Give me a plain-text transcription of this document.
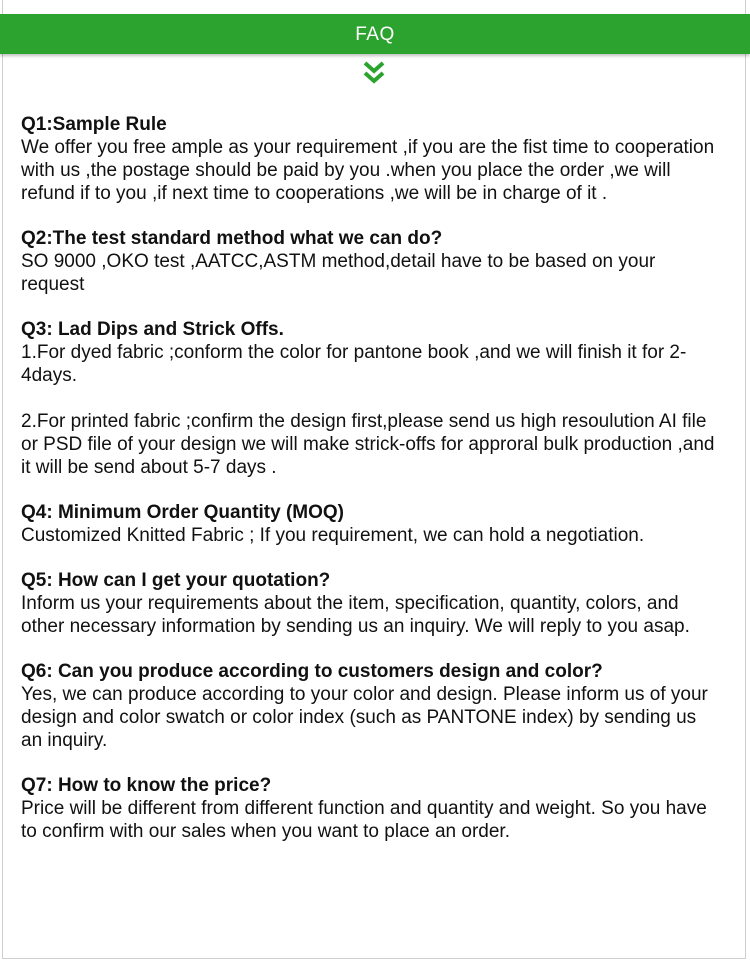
FAQ

Q1:Sample Rule

We offer you free ample as your requirement ,if you are the fist time to cooperation with us ,the postage should be paid by you .when you place the order ,we will refund if to you ,if next time to cooperations ,we will be in charge of it .

Q2:The test standard method what we can do?

SO 9000 ,OKO test ,AATCC,ASTM method,detail have to be based on your request

Q3: Lad Dips and Strick Offs.

1.For dyed fabric ;conform the color for pantone book ,and we will finish it for 2-4days.

2.For printed fabric ;confirm the design first,please send us high resoulution AI file or PSD file of your design we will make strick-offs for approral bulk production ,and it will be send about 5-7 days .

Q4: Minimum Order Quantity (MOQ)

Customized Knitted Fabric ; If you requirement, we can hold a negotiation.

Q5: How can I get your quotation?

Inform us your requirements about the item, specification, quantity, colors, and other necessary information by sending us an inquiry. We will reply to you asap.

Q6: Can you produce according to customers design and color?

Yes, we can produce according to your color and design. Please inform us of your design and color swatch or color index (such as PANTONE index) by sending us an inquiry.

Q7: How to know the price?

Price will be different from different function and quantity and weight. So you have to confirm with our sales when you want to place an order.
